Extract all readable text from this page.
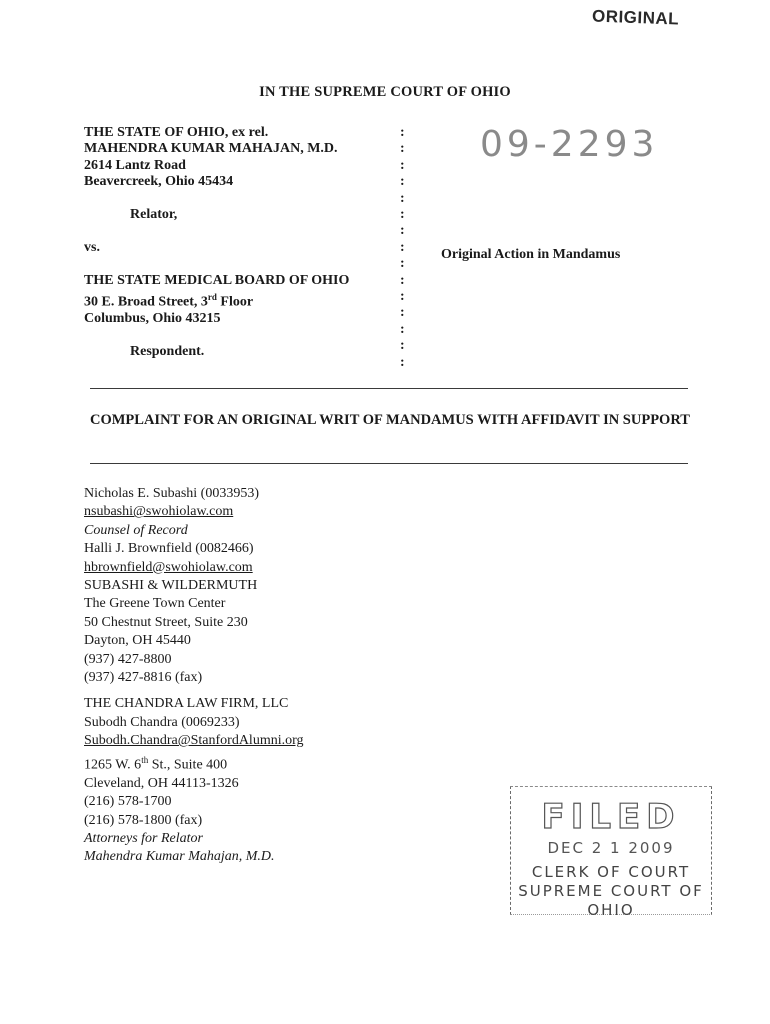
ORIGINAL
IN THE SUPREME COURT OF OHIO
THE STATE OF OHIO, ex rel.
MAHENDRA KUMAR MAHAJAN, M.D.
2614 Lantz Road
Beavercreek, Ohio 45434
Relator,
vs.
THE STATE MEDICAL BOARD OF OHIO
30 E. Broad Street, 3rd Floor
Columbus, Ohio 43215
Respondent.
:
:
:
:
:
:
:
:
:
:
:
:
:
:
:
09-2293
Original Action in Mandamus
COMPLAINT FOR AN ORIGINAL WRIT OF MANDAMUS WITH AFFIDAVIT IN SUPPORT
Nicholas E. Subashi (0033953)
nsubashi@swohiolaw.com
Counsel of Record
Halli J. Brownfield (0082466)
hbrownfield@swohiolaw.com
SUBASHI & WILDERMUTH
The Greene Town Center
50 Chestnut Street, Suite 230
Dayton, OH 45440
(937) 427-8800
(937) 427-8816 (fax)
THE CHANDRA LAW FIRM, LLC
Subodh Chandra (0069233)
Subodh.Chandra@StanfordAlumni.org
1265 W. 6th St., Suite 400
Cleveland, OH 44113-1326
(216) 578-1700
(216) 578-1800 (fax)
Attorneys for Relator
Mahendra Kumar Mahajan, M.D.
FILED
DEC 2 1 2009
CLERK OF COURT
SUPREME COURT OF OHIO
